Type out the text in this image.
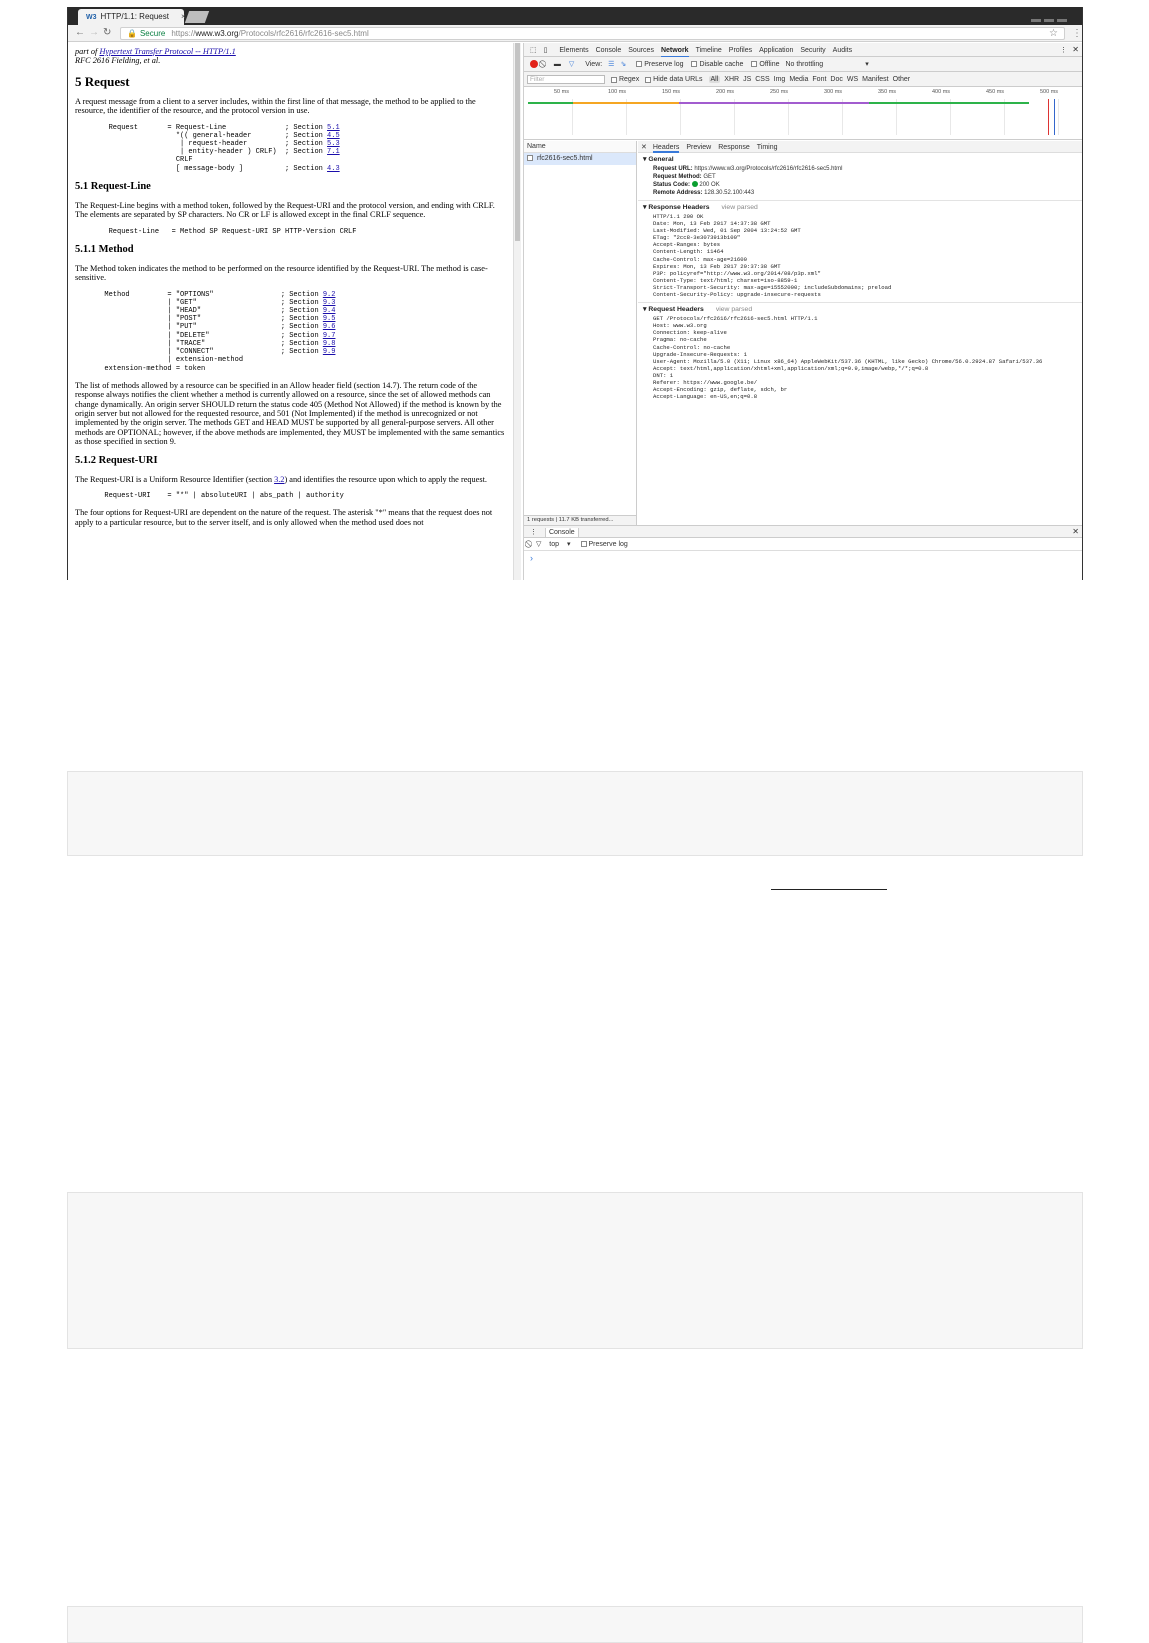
W3 HTTP/1.1: Request ×
← → ↻	🔒 Secure https://www.w3.org/Protocols/rfc2616/rfc2616-sec5.html	☆ ⋮
part of Hypertext Transfer Protocol -- HTTP/1.1
RFC 2616 Fielding, et al.
5 Request

A request message from a client to a server includes, within the first line of that message, the method to be applied to the resource, the identifier of the resource, and the protocol version in use.

Request       = Request-Line              ; Section 5.1
*(( general-header        ; Section 4.5
| request-header         ; Section 5.3
| entity-header ) CRLF)  ; Section 7.1
CRLF
[ message-body ]          ; Section 4.3
5.1 Request-Line

The Request-Line begins with a method token, followed by the Request-URI and the protocol version, and ending with CRLF. The elements are separated by SP characters. No CR or LF is allowed except in the final CRLF sequence.

Request-Line   = Method SP Request-URI SP HTTP-Version CRLF
5.1.1 Method

The Method token indicates the method to be performed on the resource identified by the Request-URI. The method is case-sensitive.

Method         = "OPTIONS"                ; Section 9.2
| "GET"                    ; Section 9.3
| "HEAD"                   ; Section 9.4
| "POST"                   ; Section 9.5
| "PUT"                    ; Section 9.6
| "DELETE"                 ; Section 9.7
| "TRACE"                  ; Section 9.8
| "CONNECT"                ; Section 9.9
| extension-method
extension-method = token

The list of methods allowed by a resource can be specified in an Allow header field (section 14.7). The return code of the response always notifies the client whether a method is currently allowed on a resource, since the set of allowed methods can change dynamically. An origin server SHOULD return the status code 405 (Method Not Allowed) if the method is known by the origin server but not allowed for the requested resource, and 501 (Not Implemented) if the method is unrecognized or not implemented by the origin server. The methods GET and HEAD MUST be supported by all general-purpose servers. All other methods are OPTIONAL; however, if the above methods are implemented, they MUST be implemented with the same semantics as those specified in section 9.

5.1.2 Request-URI

The Request-URI is a Uniform Resource Identifier (section 3.2) and identifies the resource upon which to apply the request.

Request-URI    = "*" | absoluteURI | abs_path | authority

The four options for Request-URI are dependent on the nature of the request. The asterisk "*" means that the request does not apply to a particular resource, but to the server itself, and is only allowed when the method used does not

⬚ ▯ Elements Console Sources Network Timeline Profiles Application Security Audits	⋮ ✕
▬ ▽ View: ☰ ⇘	Preserve log Disable cache Offline No throttling	▾
Filter	Regex Hide data URLs All XHR JS CSS Img Media Font Doc WS Manifest Other
50 ms	100 ms	150 ms	200 ms	250 ms	300 ms	350 ms	400 ms	450 ms	500 ms
Name
rfc2616-sec5.html
✕ Headers Preview Response Timing
▾ General
Request URL: https://www.w3.org/Protocols/rfc2616/rfc2616-sec5.html
Request Method: GET
Status Code: 200 OK
Remote Address: 128.30.52.100:443
▾ Response Headers view parsed
HTTP/1.1 200 OK
Date: Mon, 13 Feb 2017 14:37:38 GMT
Last-Modified: Wed, 01 Sep 2004 13:24:52 GMT
ETag: "2cc8-3e3073913b100"
Accept-Ranges: bytes
Content-Length: 11464
Cache-Control: max-age=21600
Expires: Mon, 13 Feb 2017 20:37:38 GMT
P3P: policyref="http://www.w3.org/2014/08/p3p.xml"
Content-Type: text/html; charset=iso-8859-1
Strict-Transport-Security: max-age=15552000; includeSubdomains; preload
Content-Security-Policy: upgrade-insecure-requests
▾ Request Headers view parsed
GET /Protocols/rfc2616/rfc2616-sec5.html HTTP/1.1
Host: www.w3.org
Connection: keep-alive
Pragma: no-cache
Cache-Control: no-cache
Upgrade-Insecure-Requests: 1
User-Agent: Mozilla/5.0 (X11; Linux x86_64) AppleWebKit/537.36 (KHTML, like Gecko) Chrome/56.0.2924.87 Safari/537.36
Accept: text/html,application/xhtml+xml,application/xml;q=0.9,image/webp,*/*;q=0.8
DNT: 1
Referer: https://www.google.be/
Accept-Encoding: gzip, deflate, sdch, br
Accept-Language: en-US,en;q=0.8
1 requests | 11.7 KB transferred...
⋮ Console	✕
▽ top ▾	Preserve log
›
